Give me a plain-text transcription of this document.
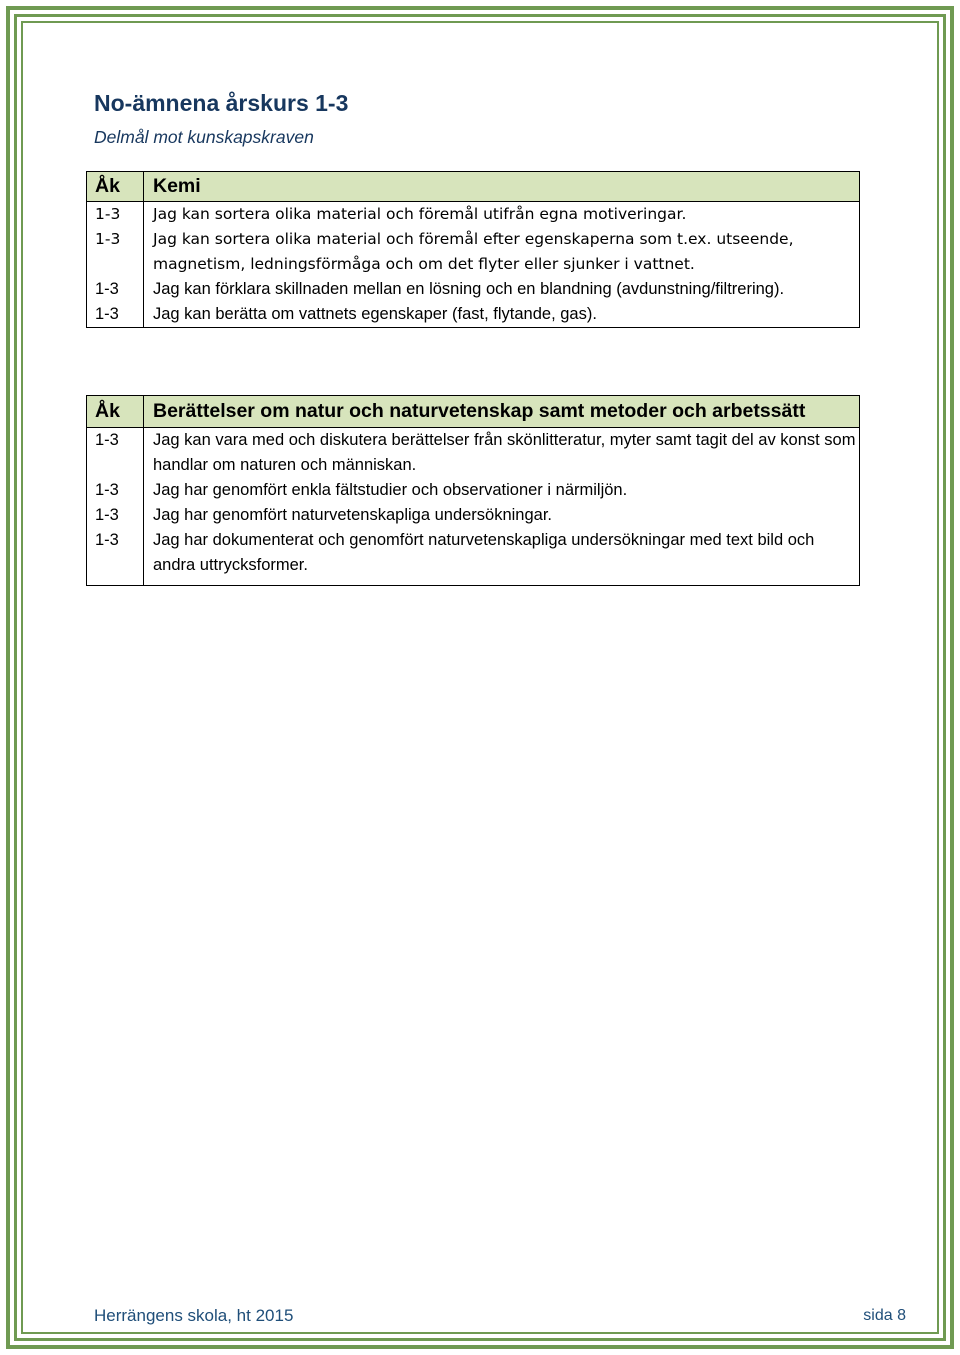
No-ämnena årskurs 1-3
Delmål mot kunskapskraven
Åk	Kemi
1-3	Jag kan sortera olika material och föremål utifrån egna motiveringar.
1-3	Jag kan sortera olika material och föremål efter egenskaperna som t.ex. utseende, magnetism, ledningsförmåga och om det flyter eller sjunker i vattnet.
1-3	Jag kan förklara skillnaden mellan en lösning och en blandning (avdunstning/filtrering).
1-3	Jag kan berätta om vattnets egenskaper (fast, flytande, gas).
Åk	Berättelser om natur och naturvetenskap samt metoder och arbetssätt
1-3	Jag kan vara med och diskutera berättelser från skönlitteratur, myter samt tagit del av konst som handlar om naturen och människan.
1-3	Jag har genomfört enkla fältstudier och observationer i närmiljön.
1-3	Jag har genomfört naturvetenskapliga undersökningar.
1-3	Jag har dokumenterat och genomfört naturvetenskapliga undersökningar med text bild och andra uttrycksformer.
Herrängens skola, ht 2015	sida 8
